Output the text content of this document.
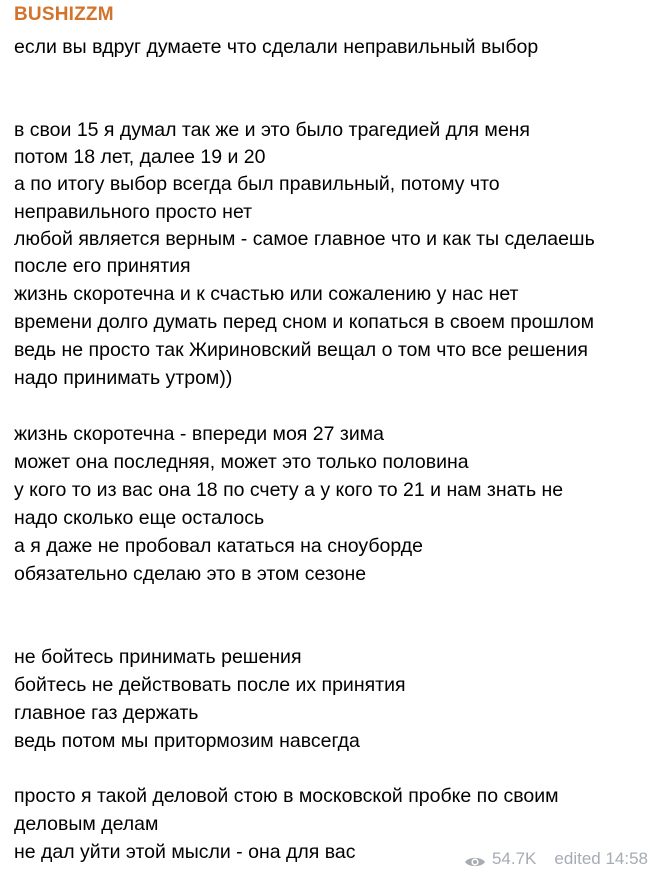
BUSHIZZM
если вы вдруг думаете что сделали неправильный выбор
в свои 15 я думал так же и это было трагедией для меня
потом 18 лет, далее 19 и 20
а по итогу выбор всегда был правильный, потому что
неправильного просто нет
любой является верным - самое главное что и как ты сделаешь
после его принятия
жизнь скоротечна и к счастью или сожалению у нас нет
времени долго думать перед сном и копаться в своем прошлом
ведь не просто так Жириновский вещал о том что все решения
надо принимать утром))
жизнь скоротечна - впереди моя 27 зима
может она последняя, может это только половина
у кого то из вас она 18 по счету а у кого то 21 и нам знать не
надо сколько еще осталось
а я даже не пробовал кататься на сноуборде
обязательно сделаю это в этом сезоне
не бойтесь принимать решения
бойтесь не действовать после их принятия
главное газ держать
ведь потом мы притормозим навсегда
просто я такой деловой стою в московской пробке по своим
деловым делам
не дал уйти этой мысли - она для вас	54.7K edited 14:58
